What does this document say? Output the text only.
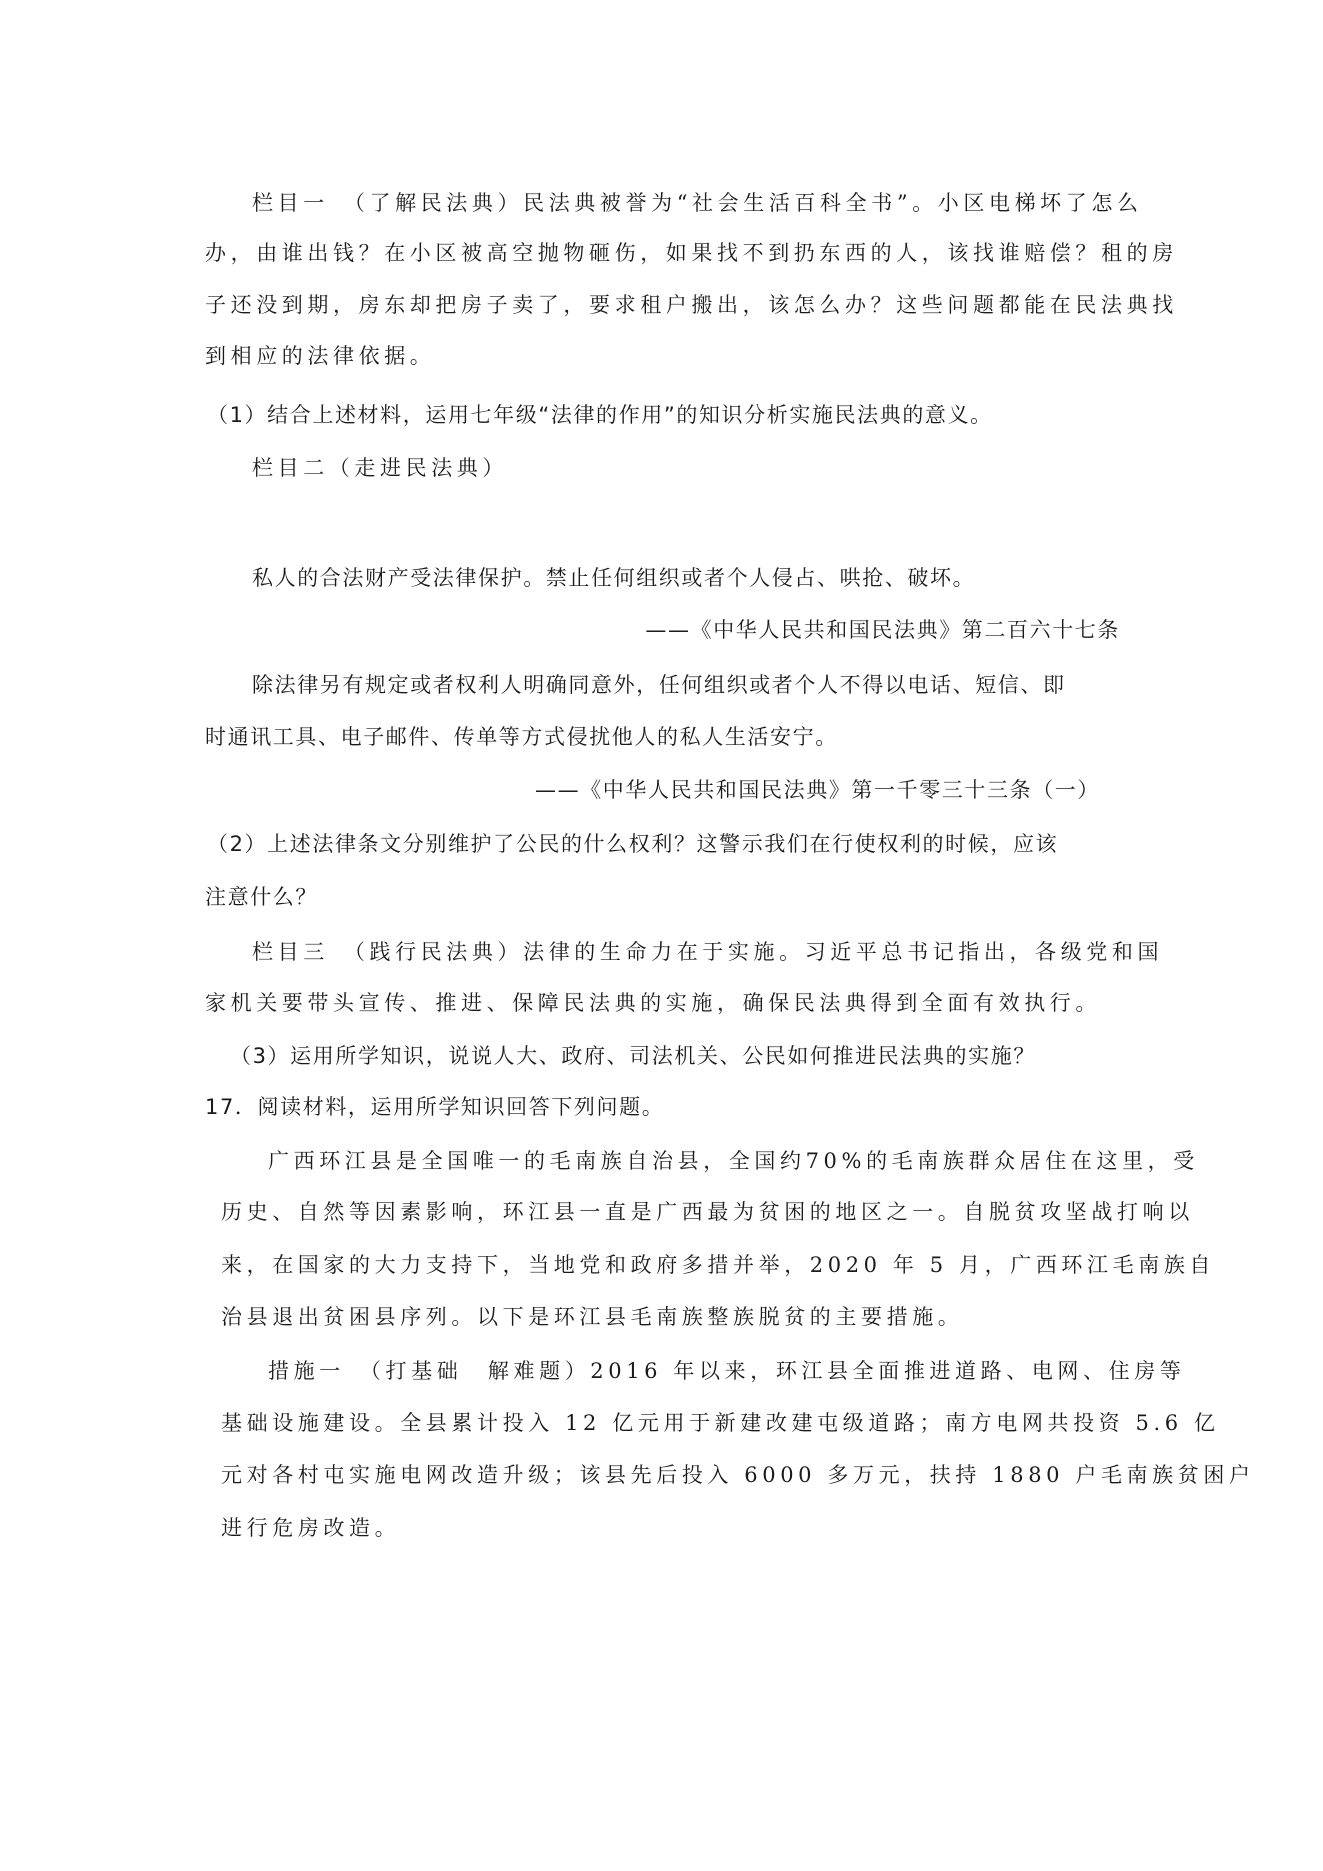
栏目一　（了解民法典）民法典被誉为“社会生活百科全书”。小区电梯坏了怎么
办，由谁出钱？在小区被高空抛物砸伤，如果找不到扔东西的人，该找谁赔偿？租的房
子还没到期，房东却把房子卖了，要求租户搬出，该怎么办？这些问题都能在民法典找
到相应的法律依据。
（1）结合上述材料，运用七年级“法律的作用”的知识分析实施民法典的意义。
栏目二（走进民法典）
私人的合法财产受法律保护。禁止任何组织或者个人侵占、哄抢、破坏。
——《中华人民共和国民法典》第二百六十七条
除法律另有规定或者权利人明确同意外，任何组织或者个人不得以电话、短信、即
时通讯工具、电子邮件、传单等方式侵扰他人的私人生活安宁。
——《中华人民共和国民法典》第一千零三十三条（一）
（2）上述法律条文分别维护了公民的什么权利？这警示我们在行使权利的时候，应该
注意什么？
栏目三　（践行民法典）法律的生命力在于实施。习近平总书记指出，各级党和国
家机关要带头宣传、推进、保障民法典的实施，确保民法典得到全面有效执行。
（3）运用所学知识，说说人大、政府、司法机关、公民如何推进民法典的实施？
17．阅读材料，运用所学知识回答下列问题。
广西环江县是全国唯一的毛南族自治县，全国约70%的毛南族群众居住在这里，受
历史、自然等因素影响，环江县一直是广西最为贫困的地区之一。自脱贫攻坚战打响以
来，在国家的大力支持下，当地党和政府多措并举，2020 年 5 月，广西环江毛南族自
治县退出贫困县序列。以下是环江县毛南族整族脱贫的主要措施。
措施一　（打基础　解难题）2016 年以来，环江县全面推进道路、电网、住房等
基础设施建设。全县累计投入 12 亿元用于新建改建屯级道路；南方电网共投资 5.6 亿
元对各村屯实施电网改造升级；该县先后投入 6000 多万元，扶持 1880 户毛南族贫困户
进行危房改造。
